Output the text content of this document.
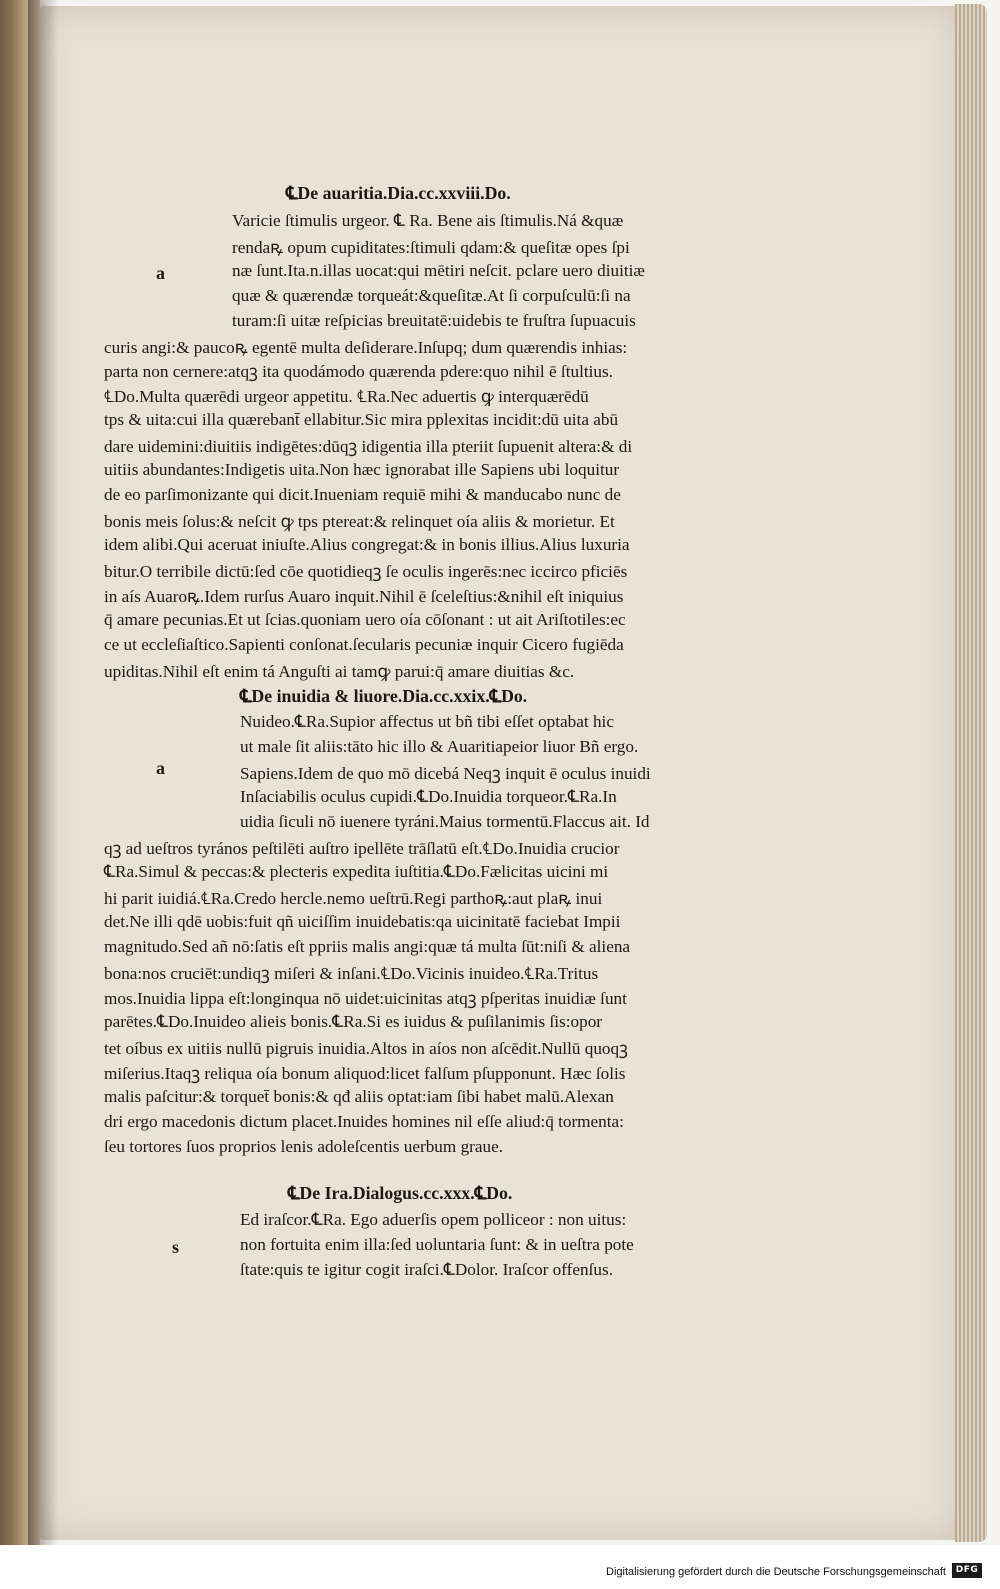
℄De auaritia.Dia.cc.xxviii.Do.
Varicie ſtimulis urgeor. ℄ Ra. Bene ais ſtimulis.Ná &quæ
rendaꝶ opum cupiditates:ſtimuli qdam:& queſitæ opes ſpi
næ ſunt.Ita.n.illas uocat:qui mētiri neſcit. pclare uero diuitiæ
quæ & quærendæ torqueát:&queſitæ.At ſi corpuſculū:ſi na
turam:ſi uitæ reſpicias breuitatē:uidebis te fruſtra ſupuacuis
curis angi:& paucoꝶ egentē multa deſiderare.Inſupq; dum quærendis inhias:
parta non cernere:atqꝫ ita quodámodo quærenda pdere:quo nihil ē ſtultius.
℄Do.Multa quærēdi urgeor appetitu. ℄Ra.Nec aduertis ꝙ interquærēdū
tps & uita:cui illa quærebant̄ ellabitur.Sic mira pplexitas incidit:dū uita abū
dare uidemini:diuitiis indigētes:dūqꝫ idigentia illa pteriit ſupuenit altera:& di
uitiis abundantes:Indigetis uita.Non hæc ignorabat ille Sapiens ubi loquitur
de eo parſimonizante qui dicit.Inueniam requiē mihi & manducabo nunc de
bonis meis ſolus:& neſcit ꝙ tps ptereat:& relinquet oía aliis & morietur. Et
idem alibi.Qui aceruat iniuſte.Alius congregat:& in bonis illius.Alius luxuria
bitur.O terribile dictū:ſed cōe quotidieqꝫ ſe oculis ingerēs:nec iccirco pficiēs
in aís Auaroꝶ.Idem rurſus Auaro inquit.Nihil ē ſceleſtius:&nihil eſt iniquius
q̄ amare pecunias.Et ut ſcias.quoniam uero oía cōſonant : ut ait Ariſtotiles:ec
ce ut eccleſiaſtico.Sapienti conſonat.ſecularis pecuniæ inquir Cicero fugiēda
upiditas.Nihil eſt enim tá Anguſti ai tamꝙ parui:q̄ amare diuitias &c.
℄De inuidia & liuore.Dia.cc.xxix.℄Do.
Nuideo.℄Ra.Supior affectus ut bñ tibi eſſet optabat hic
ut male ſit aliis:tāto hic illo & Auaritiapeior liuor Bñ ergo.
Sapiens.Idem de quo mō dicebá Neqꝫ inquit ē oculus inuidi
Inſaciabilis oculus cupidi.℄Do.Inuidia torqueor.℄Ra.In
uidia ſiculi nō iuenere tyráni.Maius tormentū.Flaccus ait. Id
qꝫ ad ueſtros tyrános peſtilēti auſtro ipellēte trāſlatū eſt.℄Do.Inuidia crucior
℄Ra.Simul & peccas:& plecteris expedita iuſtitia.℄Do.Fælicitas uicini mi
hi parit iuidiá.℄Ra.Credo hercle.nemo ueſtrū.Regi parthoꝶ:aut plaꝶ inui
det.Ne illi qdē uobis:fuit qñ uiciſſim inuidebatis:qa uicinitatē faciebat Impii
magnitudo.Sed añ nō:ſatis eſt ppriis malis angi:quæ tá multa ſūt:niſi & aliena
bona:nos cruciēt:undiqꝫ miſeri & inſani.℄Do.Vicinis inuideo.℄Ra.Tritus
mos.Inuidia lippa eſt:longinqua nō uidet:uicinitas atqꝫ pſperitas inuidiæ ſunt
parētes.℄Do.Inuideo alieis bonis.℄Ra.Si es iuidus & puſilanimis ſis:opor
tet oíbus ex uitiis nullū pigruis inuidia.Altos in aíos non aſcēdit.Nullū quoqꝫ
miſerius.Itaqꝫ reliqua oía bonum aliquod:licet falſum pſupponunt. Hæc ſolis
malis paſcitur:& torquet̄ bonis:& qđ aliis optat:iam ſibi habet malū.Alexan
dri ergo macedonis dictum placet.Inuides homines nil eſſe aliud:q̄ tormenta:
ſeu tortores ſuos proprios lenis adoleſcentis uerbum graue.
℄De Ira.Dialogus.cc.xxx.℄Do.
Ed iraſcor.℄Ra. Ego aduerſis opem polliceor : non uitus:
non fortuita enim illa:ſed uoluntaria ſunt: & in ueſtra pote
ſtate:quis te igitur cogit iraſci.℄Dolor. Iraſcor offenſus.
a
a
s
Digitalisierung gefördert durch die Deutsche Forschungsgemeinschaft	DFG
